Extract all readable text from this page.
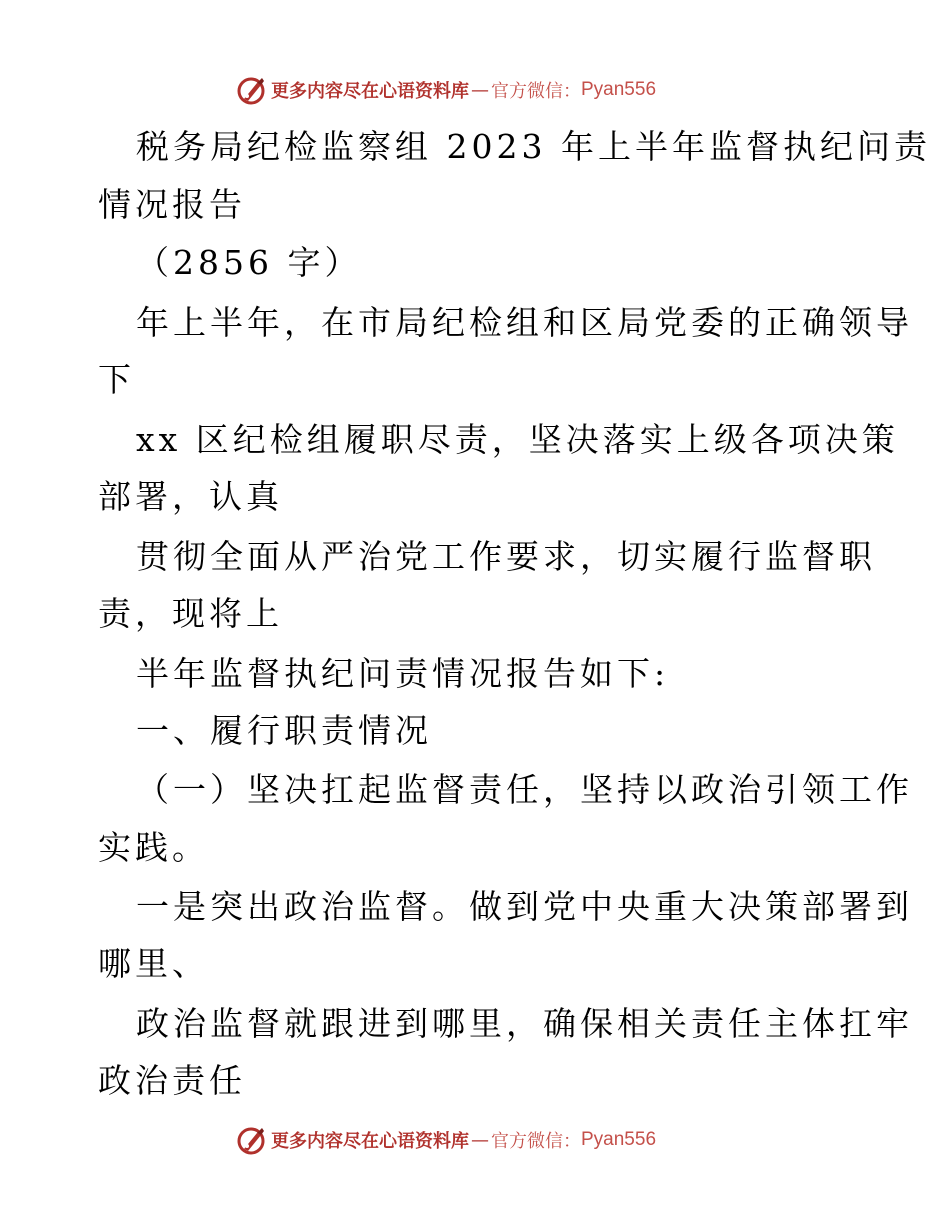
更多内容尽在心语资料库 — 官方微信： Pyan556
税务局纪检监察组 2023 年上半年监督执纪问责
情况报告
（2856 字）
年上半年，在市局纪检组和区局党委的正确领导
下
xx 区纪检组履职尽责，坚决落实上级各项决策
部署，认真
贯彻全面从严治党工作要求，切实履行监督职
责，现将上
半年监督执纪问责情况报告如下:
一、履行职责情况
（一）坚决扛起监督责任，坚持以政治引领工作
实践。
一是突出政治监督。做到党中央重大决策部署到
哪里、
政治监督就跟进到哪里，确保相关责任主体扛牢
政治责任
更多内容尽在心语资料库 — 官方微信： Pyan556
